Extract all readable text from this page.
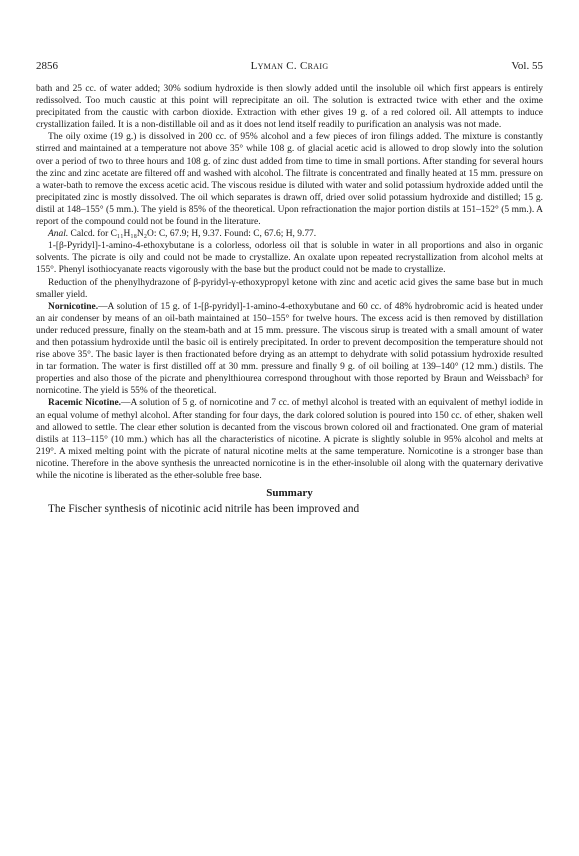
2856	Lyman C. Craig	Vol. 55

bath and 25 cc. of water added; 30% sodium hydroxide is then slowly added until the insoluble oil which first appears is entirely redissolved. Too much caustic at this point will reprecipitate an oil. The solution is extracted twice with ether and the oxime precipitated from the caustic with carbon dioxide. Extraction with ether gives 19 g. of a red colored oil. All attempts to induce crystallization failed. It is a non-distillable oil and as it does not lend itself readily to purification an analysis was not made.

The oily oxime (19 g.) is dissolved in 200 cc. of 95% alcohol and a few pieces of iron filings added. The mixture is constantly stirred and maintained at a temperature not above 35° while 108 g. of glacial acetic acid is allowed to drop slowly into the solution over a period of two to three hours and 108 g. of zinc dust added from time to time in small portions. After standing for several hours the zinc and zinc acetate are filtered off and washed with alcohol. The filtrate is concentrated and finally heated at 15 mm. pressure on a water-bath to remove the excess acetic acid. The viscous residue is diluted with water and solid potassium hydroxide added until the precipitated zinc is mostly dissolved. The oil which separates is drawn off, dried over solid potassium hydroxide and distilled; 15 g. distil at 148–155° (5 mm.). The yield is 85% of the theoretical. Upon refractionation the major portion distils at 151–152° (5 mm.). A report of the compound could not be found in the literature.

Anal. Calcd. for C₁₁H₁₈N₂O: C, 67.9; H, 9.37. Found: C, 67.6; H, 9.77.

1-[β-Pyridyl]-1-amino-4-ethoxybutane is a colorless, odorless oil that is soluble in water in all proportions and also in organic solvents. The picrate is oily and could not be made to crystallize. An oxalate upon repeated recrystallization from alcohol melts at 155°. Phenyl isothiocyanate reacts vigorously with the base but the product could not be made to crystallize.

Reduction of the phenylhydrazone of β-pyridyl-γ-ethoxypropyl ketone with zinc and acetic acid gives the same base but in much smaller yield.

Nornicotine.—A solution of 15 g. of 1-[β-pyridyl]-1-amino-4-ethoxybutane and 60 cc. of 48% hydrobromic acid is heated under an air condenser by means of an oil-bath maintained at 150–155° for twelve hours. The excess acid is then removed by distillation under reduced pressure, finally on the steam-bath and at 15 mm. pressure. The viscous sirup is treated with a small amount of water and then potassium hydroxide until the basic oil is entirely precipitated. In order to prevent decomposition the temperature should not rise above 35°. The basic layer is then fractionated before drying as an attempt to dehydrate with solid potassium hydroxide resulted in tar formation. The water is first distilled off at 30 mm. pressure and finally 9 g. of oil boiling at 139–140° (12 mm.) distils. The properties and also those of the picrate and phenylthiourea correspond throughout with those reported by Braun and Weissbach³ for nornicotine. The yield is 55% of the theoretical.

Racemic Nicotine.—A solution of 5 g. of nornicotine and 7 cc. of methyl alcohol is treated with an equivalent of methyl iodide in an equal volume of methyl alcohol. After standing for four days, the dark colored solution is poured into 150 cc. of ether, shaken well and allowed to settle. The clear ether solution is decanted from the viscous brown colored oil and fractionated. One gram of material distils at 113–115° (10 mm.) which has all the characteristics of nicotine. A picrate is slightly soluble in 95% alcohol and melts at 219°. A mixed melting point with the picrate of natural nicotine melts at the same temperature. Nornicotine is a stronger base than nicotine. Therefore in the above synthesis the unreacted nornicotine is in the ether-insoluble oil along with the quaternary derivative while the nicotine is liberated as the ether-soluble free base.

Summary

The Fischer synthesis of nicotinic acid nitrile has been improved and
